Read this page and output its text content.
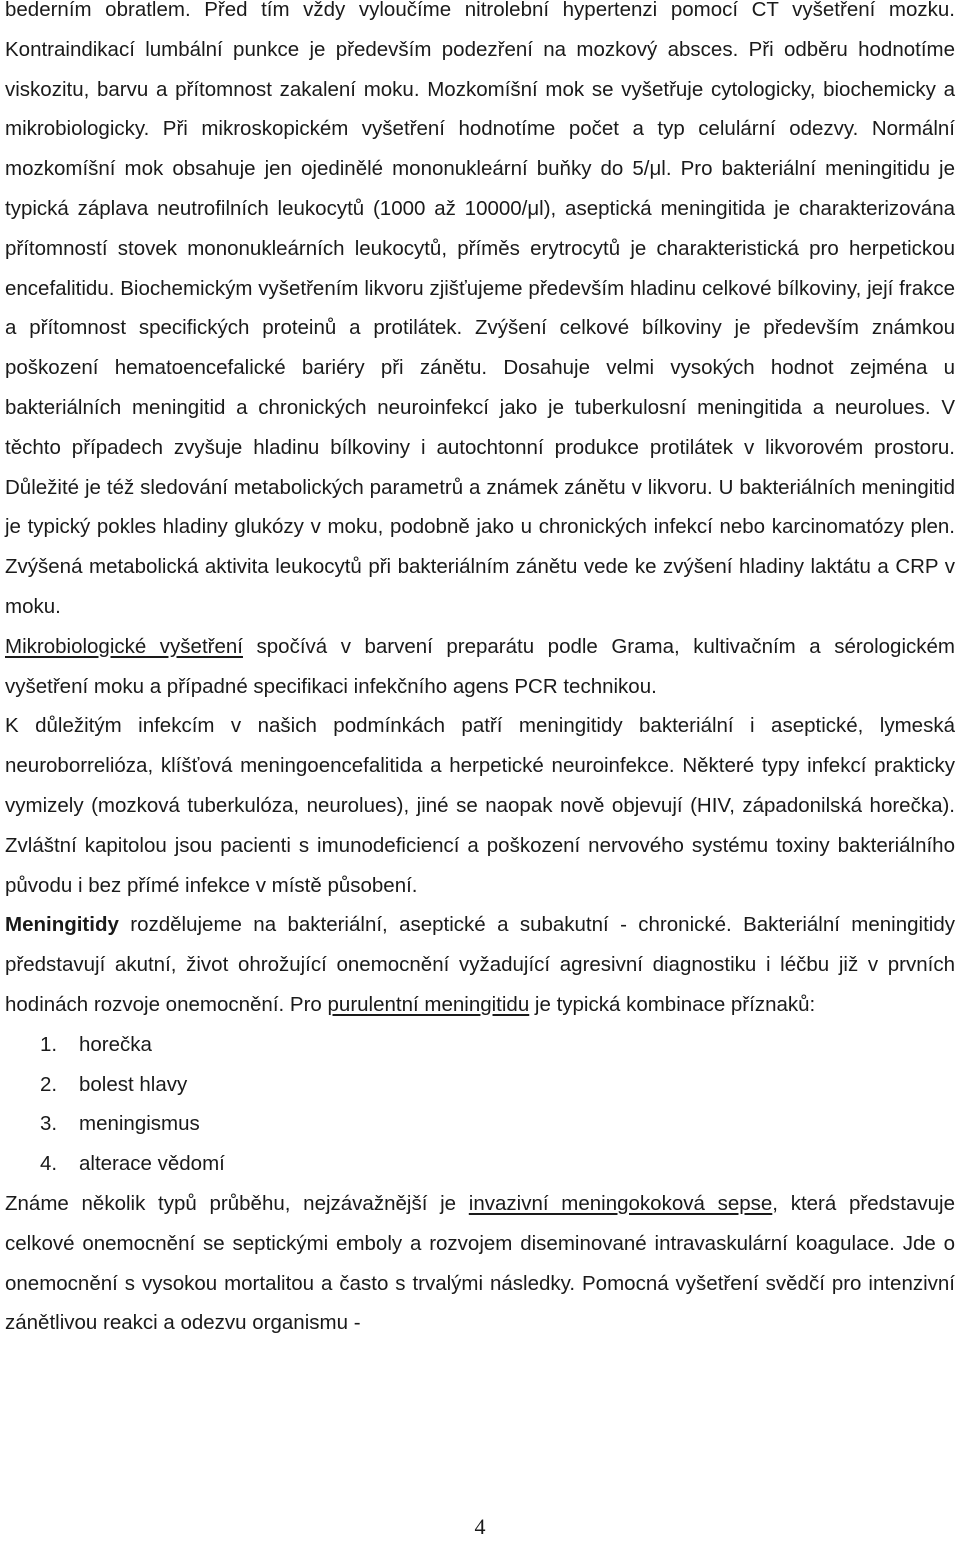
bederním obratlem. Před tím vždy vyloučíme nitrolební hypertenzi pomocí CT vyšetření mozku. Kontraindikací lumbální punkce je především podezření na mozkový absces. Při odběru hodnotíme viskozitu, barvu a přítomnost zakalení moku. Mozkomíšní mok se vyšetřuje cytologicky, biochemicky a mikrobiologicky. Při mikroskopickém vyšetření hodnotíme počet a typ celulární odezvy. Normální mozkomíšní mok obsahuje jen ojedinělé mononukleární buňky do 5/μl. Pro bakteriální meningitidu je typická záplava neutrofilních leukocytů (1000 až 10000/μl), aseptická meningitida je charakterizována přítomností stovek mononukleárních leukocytů, příměs erytrocytů je charakteristická pro herpetickou encefalitidu. Biochemickým vyšetřením likvoru zjišťujeme především hladinu celkové bílkoviny, její frakce a přítomnost specifických proteinů a protilátek. Zvýšení celkové bílkoviny je především známkou poškození hematoencefalické bariéry při zánětu. Dosahuje velmi vysokých hodnot zejména u bakteriálních meningitid a chronických neuroinfekcí jako je tuberkulosní meningitida a neurolues. V těchto případech zvyšuje hladinu bílkoviny i autochtonní produkce protilátek v likvorovém prostoru. Důležité je též sledování metabolických parametrů a známek zánětu v likvoru. U bakteriálních meningitid je typický pokles hladiny glukózy v moku, podobně jako u chronických infekcí nebo karcinomatózy plen. Zvýšená metabolická aktivita leukocytů při bakteriálním zánětu vede ke zvýšení hladiny laktátu a CRP v moku.

Mikrobiologické vyšetření spočívá v barvení preparátu podle Grama, kultivačním a sérologickém vyšetření moku a případné specifikaci infekčního agens PCR technikou.

K důležitým infekcím v našich podmínkách patří meningitidy bakteriální i aseptické, lymeská neuroborrelióza, klíšťová meningoencefalitida a herpetické neuroinfekce. Některé typy infekcí prakticky vymizely (mozková tuberkulóza, neurolues), jiné se naopak nově objevují (HIV, západonilská horečka). Zvláštní kapitolou jsou pacienti s imunodeficiencí a poškození nervového systému toxiny bakteriálního původu i bez přímé infekce v místě působení.

Meningitidy rozdělujeme na bakteriální, aseptické a subakutní - chronické. Bakteriální meningitidy představují akutní, život ohrožující onemocnění vyžadující agresivní diagnostiku i léčbu již v prvních hodinách rozvoje onemocnění. Pro purulentní meningitidu je typická kombinace příznaků:

1.	horečka
2.	bolest hlavy
3.	meningismus
4.	alterace vědomí

Známe několik typů průběhu, nejzávažnější je invazivní meningokoková sepse, která představuje celkové onemocnění se septickými emboly a rozvojem diseminované intravaskulární koagulace. Jde o onemocnění s vysokou mortalitou a často s trvalými následky. Pomocná vyšetření svědčí pro intenzivní zánětlivou reakci a odezvu organismu -

4
